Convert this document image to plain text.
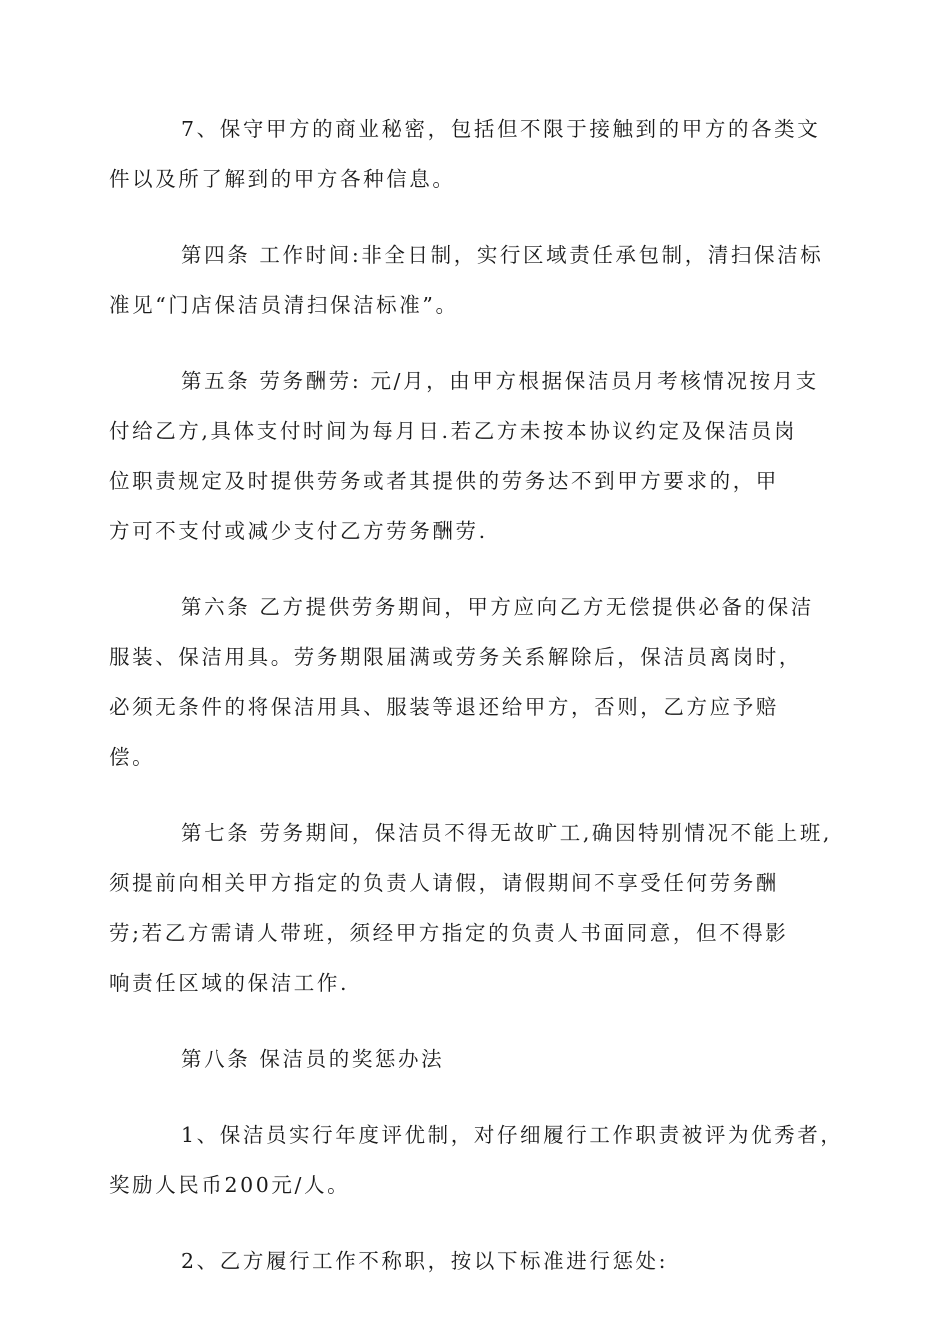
7、保守甲方的商业秘密，包括但不限于接触到的甲方的各类文
件以及所了解到的甲方各种信息。

第四条 工作时间:非全日制，实行区域责任承包制，清扫保洁标
准见“门店保洁员清扫保洁标准”。

第五条 劳务酬劳: 元/月，由甲方根据保洁员月考核情况按月支
付给乙方,具体支付时间为每月日.若乙方未按本协议约定及保洁员岗
位职责规定及时提供劳务或者其提供的劳务达不到甲方要求的，甲
方可不支付或减少支付乙方劳务酬劳.

第六条 乙方提供劳务期间，甲方应向乙方无偿提供必备的保洁
服装、保洁用具。劳务期限届满或劳务关系解除后，保洁员离岗时，
必须无条件的将保洁用具、服装等退还给甲方，否则，乙方应予赔
偿。

第七条 劳务期间，保洁员不得无故旷工,确因特别情况不能上班,
须提前向相关甲方指定的负责人请假，请假期间不享受任何劳务酬
劳;若乙方需请人带班，须经甲方指定的负责人书面同意，但不得影
响责任区域的保洁工作.

第八条 保洁员的奖惩办法

1、保洁员实行年度评优制，对仔细履行工作职责被评为优秀者，
奖励人民币200元/人。

2、乙方履行工作不称职，按以下标准进行惩处:
